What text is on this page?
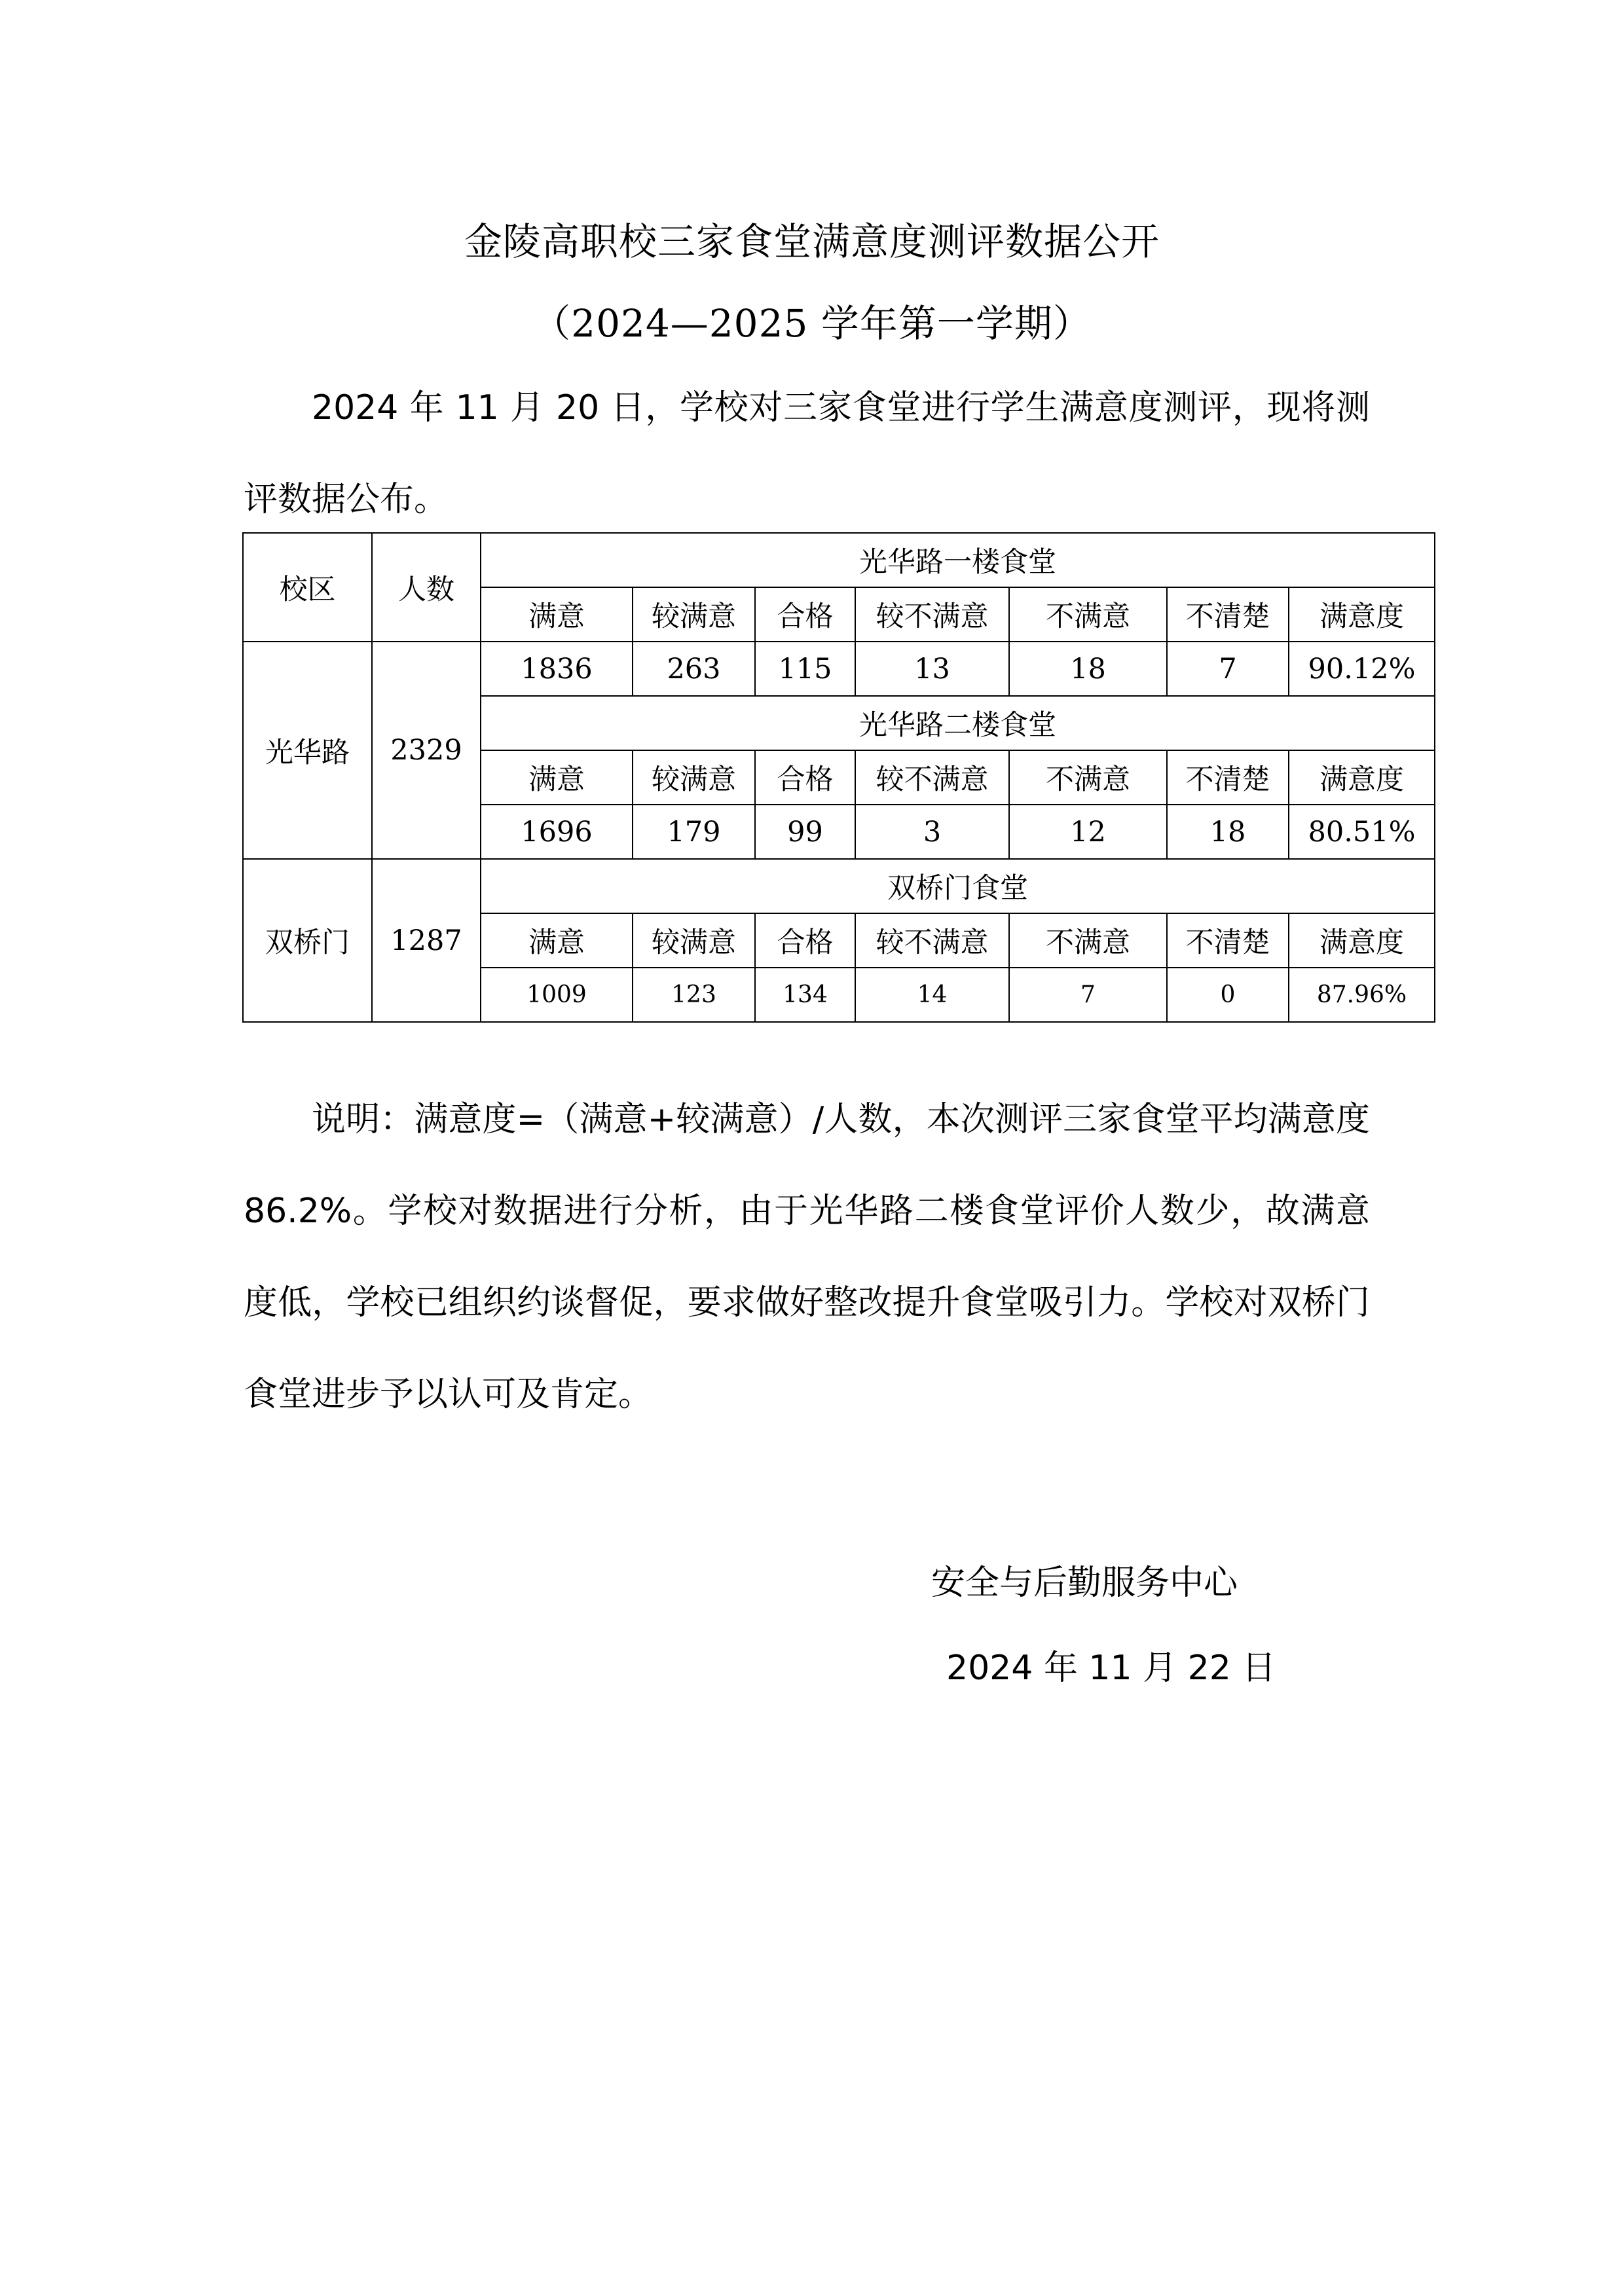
金陵高职校三家食堂满意度测评数据公开
（2024—2025 学年第一学期）

2024 年 11 月 20 日，学校对三家食堂进行学生满意度测评，现将测评数据公布。

校区	人数	光华路一楼食堂						
		满意	较满意	合格	较不满意	不满意	不清楚	满意度
光华路	2329	1836	263	115	13	18	7	90.12%
		光华路二楼食堂						
		满意	较满意	合格	较不满意	不满意	不清楚	满意度
		1696	179	99	3	12	18	80.51%
双桥门	1287	双桥门食堂						
		满意	较满意	合格	较不满意	不满意	不清楚	满意度
		1009	123	134	14	7	0	87.96%

说明：满意度=（满意+较满意）/人数，本次测评三家食堂平均满意度 86.2%。学校对数据进行分析，由于光华路二楼食堂评价人数少，故满意度低，学校已组织约谈督促，要求做好整改提升食堂吸引力。学校对双桥门食堂进步予以认可及肯定。

安全与后勤服务中心
2024 年 11 月 22 日
